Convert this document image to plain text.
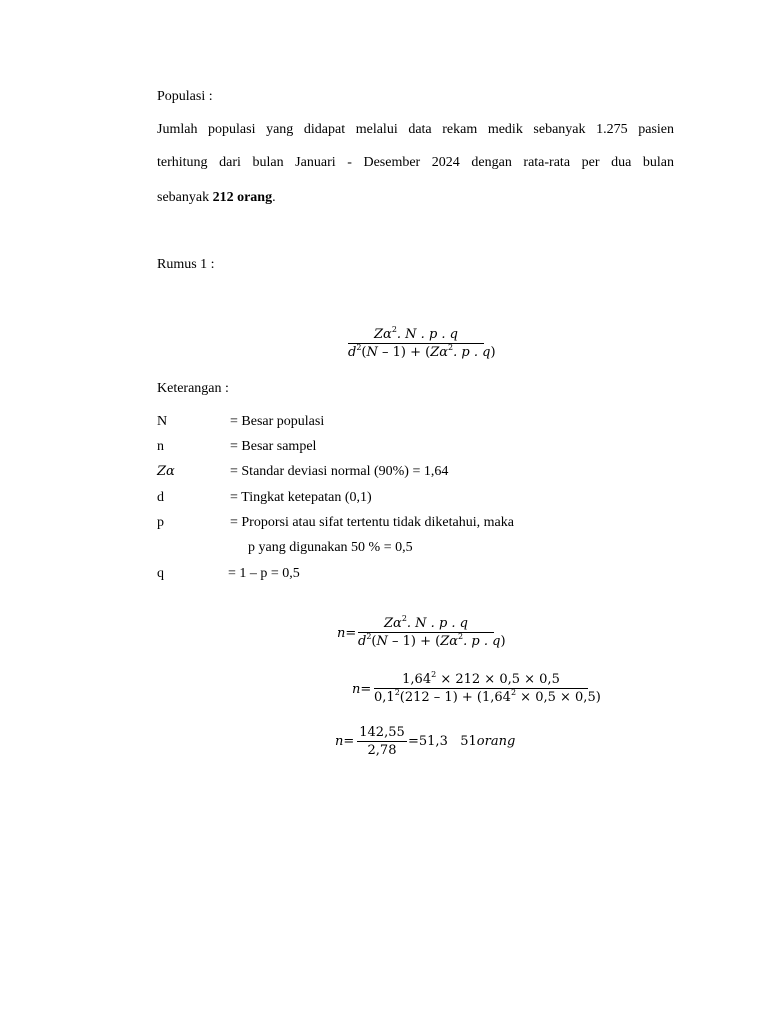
Populasi :
Jumlah populasi yang didapat melalui data rekam medik sebanyak 1.275 pasien
terhitung dari bulan Januari - Desember 2024 dengan rata-rata per dua bulan
sebanyak 212 orang.
Rumus 1 :
$Z\alpha^2$. N . p . q
$d^2(N - 1) + (Z\alpha^2$. p . q)
Keterangan :
N	= Besar populasi
n	= Besar sampel
Zα	= Standar deviasi normal (90%) = 1,64
d	= Tingkat ketepatan (0,1)
p	= Proporsi atau sifat tertentu tidak diketahui, maka
p yang digunakan 50 % = 0,5
q	= 1 – p = 0,5
n=
$Z\alpha^2$. N . p . q
$d^2(N - 1) + (Z\alpha^2$. p . q)
n=
$1,64^2 \times 212 \times 0,5 \times 0,5$
$0,1^2(212 - 1) + (1,64^2 \times 0,5 \times 0,5)$
n=
142,55
2,78
=51,3 51orang
